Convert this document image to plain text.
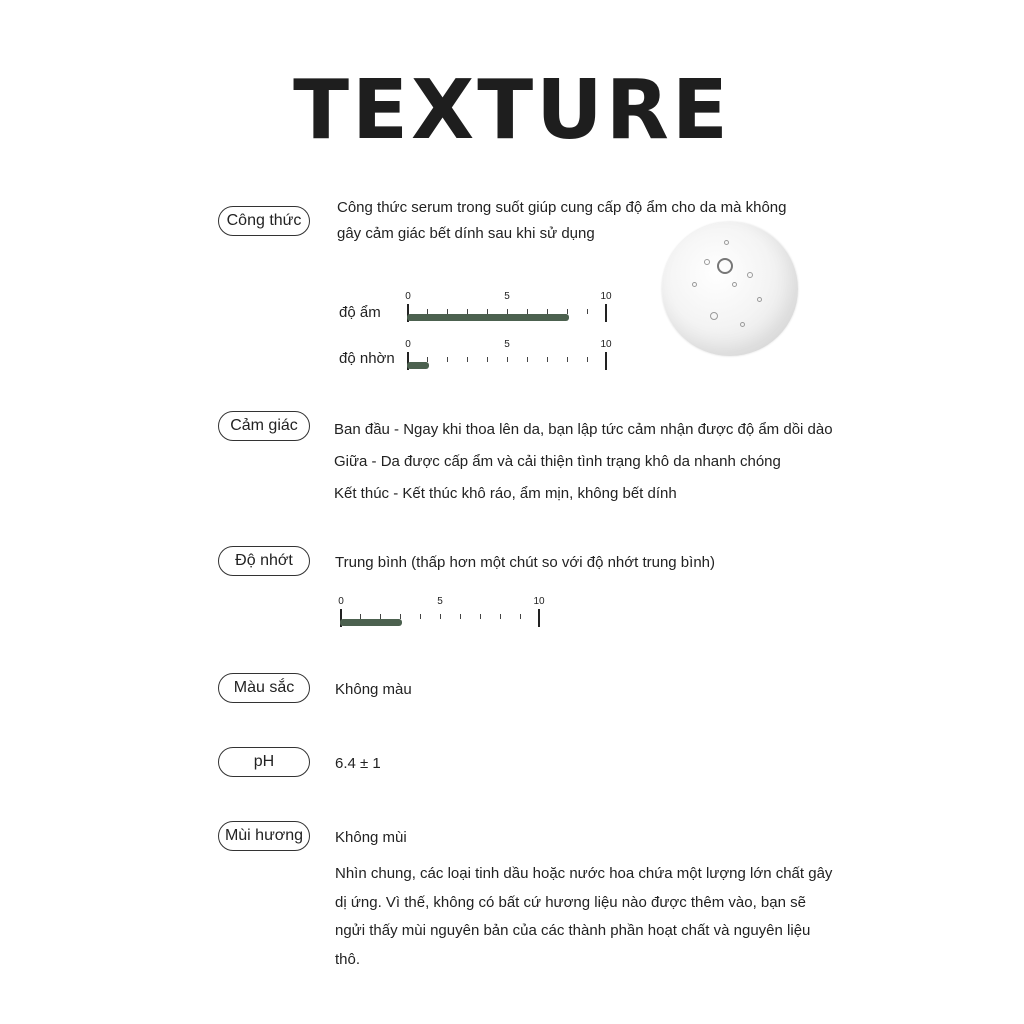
TEXTURE
Công thức
Công thức serum trong suốt giúp cung cấp độ ẩm cho da mà không
gây cảm giác bết dính sau khi sử dụng
độ ẩm
0	5	10
độ nhờn
0	5	10
Cảm giác	Ban đầu - Ngay khi thoa lên da, bạn lập tức cảm nhận được độ ẩm dồi dào
Giữa - Da được cấp ẩm và cải thiện tình trạng khô da nhanh chóng
Kết thúc - Kết thúc khô ráo, ẩm mịn, không bết dính
Độ nhớt	Trung bình (thấp hơn một chút so với độ nhớt trung bình)
0	5	10
Màu sắc	Không màu
pH	6.4 ± 1
Mùi hương	Không mùi
Nhìn chung, các loại tinh dầu hoặc nước hoa chứa một lượng lớn chất gây dị ứng. Vì thế, không có bất cứ hương liệu nào được thêm vào, bạn sẽ ngửi thấy mùi nguyên bản của các thành phần hoạt chất và nguyên liệu thô.
